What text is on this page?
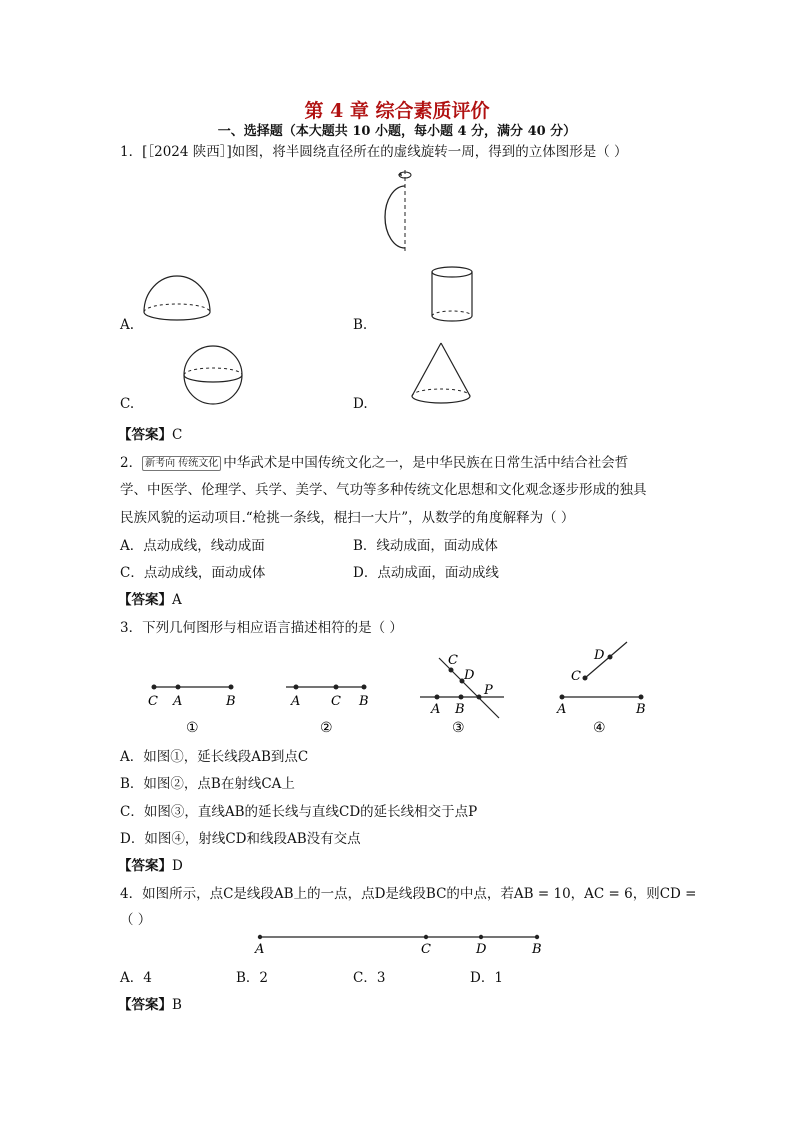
第 4 章 综合素质评价
一、选择题（本大题共 10 小题，每小题 4 分，满分 40 分）
1．[［2024 陕西］]如图，将半圆绕直径所在的虚线旋转一周，得到的立体图形是（ ）
A.	B.
C.	D.
【答案】C
2． 新考向 传统文化 中华武术是中国传统文化之一，是中华民族在日常生活中结合社会哲
学、中医学、伦理学、兵学、美学、气功等多种传统文化思想和文化观念逐步形成的独具
民族风貌的运动项目.“枪挑一条线，棍扫一大片”，从数学的角度解释为（ ）
A．点动成线，线动成面	B．线动成面，面动成体
C．点动成线，面动成体	D．点动成面，面动成线
【答案】A
3．下列几何图形与相应语言描述相符的是（ ）
C A	B
①
A C B
②
C
D
P
A B
③
D
C
A	B
④
A．如图①，延长线段AB到点C
B．如图②，点B在射线CA上
C．如图③，直线AB的延长线与直线CD的延长线相交于点P
D．如图④，射线CD和线段AB没有交点
【答案】D
4．如图所示，点C是线段AB上的一点，点D是线段BC的中点，若AB = 10，AC = 6，则CD =
（ ）
A	C	D	B
A．4	B．2	C．3	D．1
【答案】B
